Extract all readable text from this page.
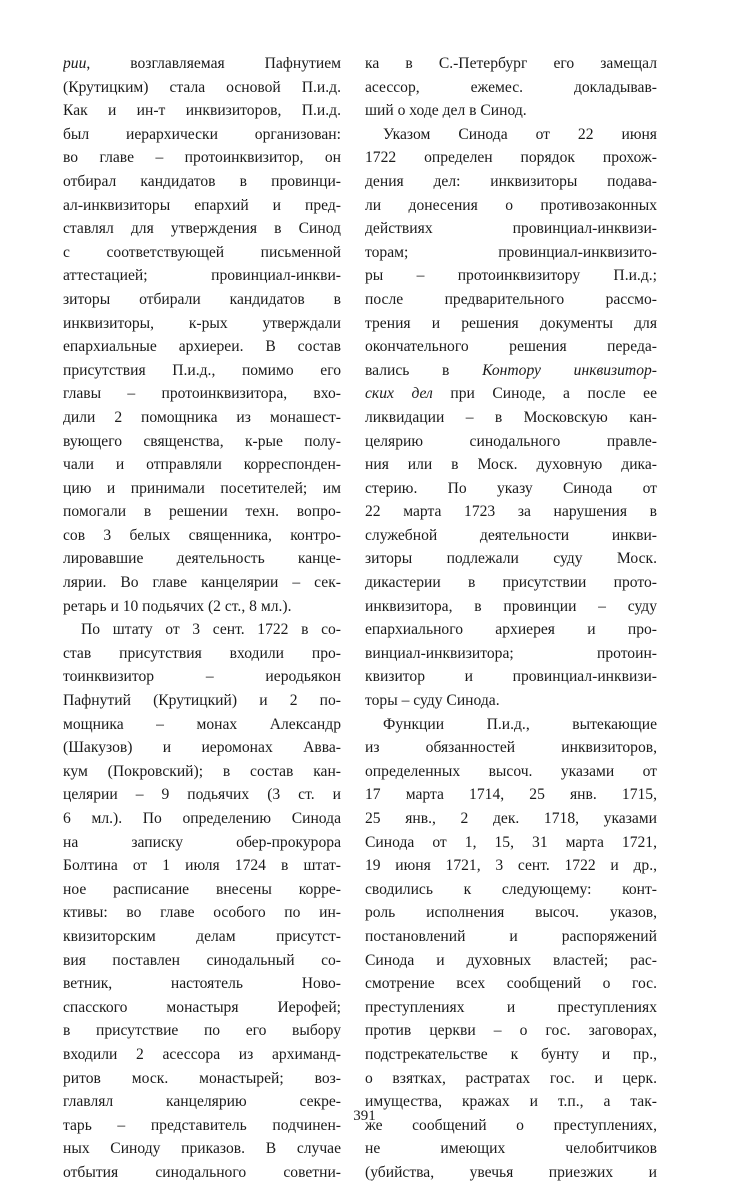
рии, возглавляемая Пафнутием
(Крутицким) стала основой П.и.д.
Как и ин-т инквизиторов, П.и.д.
был иерархически организован:
во главе – протоинквизитор, он
отбирал кандидатов в провинци-
ал-инквизиторы епархий и пред-
ставлял для утверждения в Синод
с соответствующей письменной
аттестацией; провинциал-инкви-
зиторы отбирали кандидатов в
инквизиторы, к-рых утверждали
епархиальные архиереи. В состав
присутствия П.и.д., помимо его
главы – протоинквизитора, вхо-
дили 2 помощника из монашест-
вующего священства, к-рые полу-
чали и отправляли корреспонден-
цию и принимали посетителей; им
помогали в решении техн. вопро-
сов 3 белых священника, контро-
лировавшие деятельность канце-
лярии. Во главе канцелярии – сек-
ретарь и 10 подьячих (2 ст., 8 мл.).
По штату от 3 сент. 1722 в со-
став присутствия входили про-
тоинквизитор – иеродьякон
Пафнутий (Крутицкий) и 2 по-
мощника – монах Александр
(Шакузов) и иеромонах Авва-
кум (Покровский); в состав кан-
целярии – 9 подьячих (3 ст. и
6 мл.). По определению Синода
на записку обер-прокурора
Болтина от 1 июля 1724 в штат-
ное расписание внесены корре-
ктивы: во главе особого по ин-
квизиторским делам присутст-
вия поставлен синодальный со-
ветник, настоятель Ново-
спасского монастыря Иерофей;
в присутствие по его выбору
входили 2 асессора из архиманд-
ритов моск. монастырей; воз-
главлял канцелярию секре-
тарь – представитель подчинен-
ных Синоду приказов. В случае
отбытия синодального советни-
ка в С.-Петербург его замещал
асессор, ежемес. докладывав-
ший о ходе дел в Синод.
Указом Синода от 22 июня
1722 определен порядок прохож-
дения дел: инквизиторы подава-
ли донесения о противозаконных
действиях провинциал-инквизи-
торам; провинциал-инквизито-
ры – протоинквизитору П.и.д.;
после предварительного рассмо-
трения и решения документы для
окончательного решения переда-
вались в Контору инквизитор-
ских дел при Синоде, а после ее
ликвидации – в Московскую кан-
целярию синодального правле-
ния или в Моск. духовную дика-
стерию. По указу Синода от
22 марта 1723 за нарушения в
служебной деятельности инкви-
зиторы подлежали суду Моск.
дикастерии в присутствии прото-
инквизитора, в провинции – суду
епархиального архиерея и про-
винциал-инквизитора; протоин-
квизитор и провинциал-инквизи-
торы – суду Синода.
Функции П.и.д., вытекающие
из обязанностей инквизиторов,
определенных высоч. указами от
17 марта 1714, 25 янв. 1715,
25 янв., 2 дек. 1718, указами
Синода от 1, 15, 31 марта 1721,
19 июня 1721, 3 сент. 1722 и др.,
сводились к следующему: конт-
роль исполнения высоч. указов,
постановлений и распоряжений
Синода и духовных властей; рас-
смотрение всех сообщений о гос.
преступлениях и преступлениях
против церкви – о гос. заговорах,
подстрекательстве к бунту и пр.,
о взятках, растратах гос. и церк.
имущества, кражах и т.п., а так-
же сообщений о преступлениях,
не имеющих челобитчиков
(убийства, увечья приезжих и
391
